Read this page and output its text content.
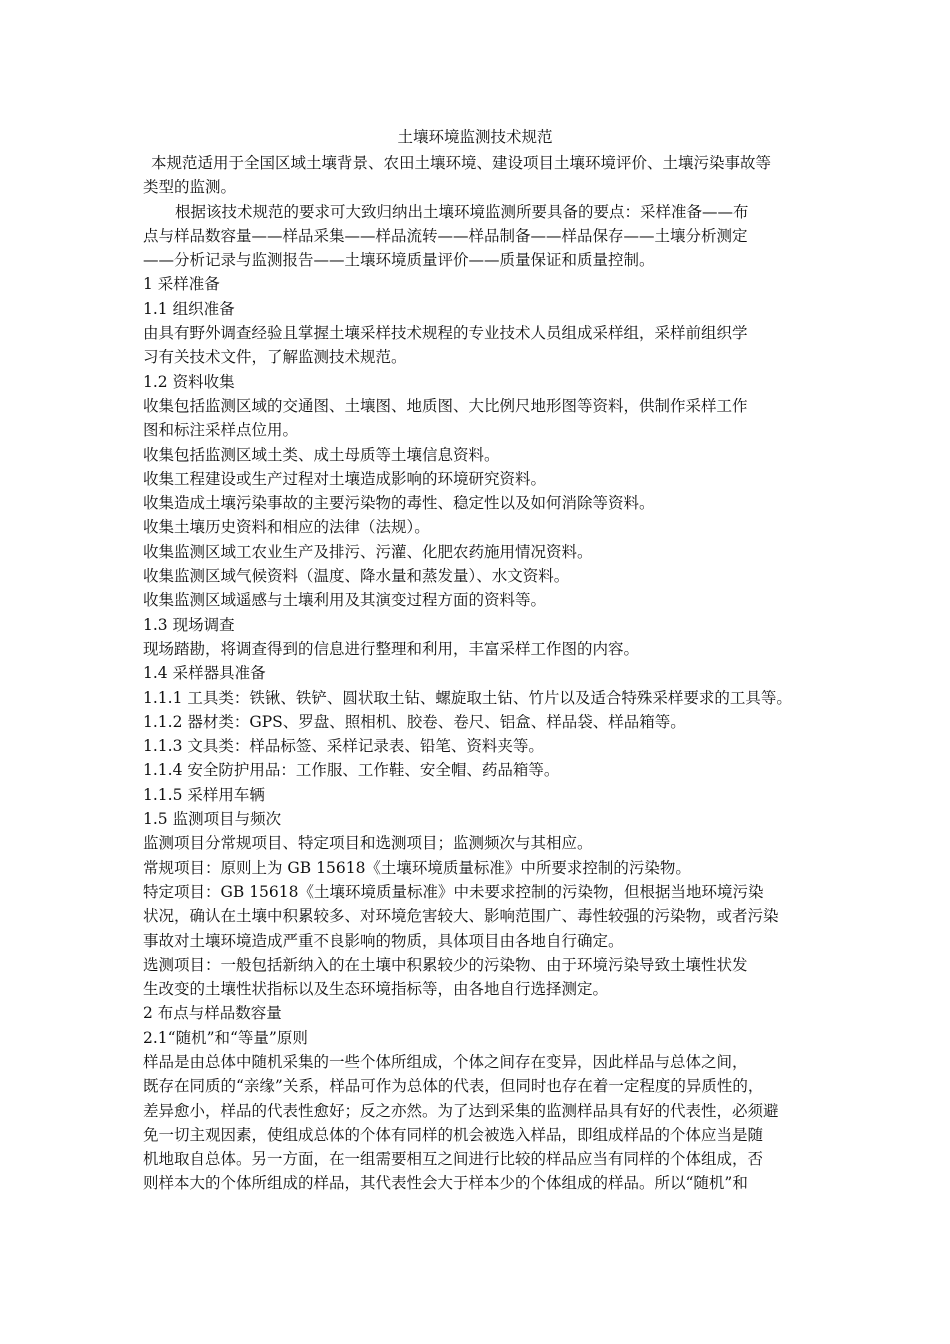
土壤环境监测技术规范
本规范适用于全国区域土壤背景、农田土壤环境、建设项目土壤环境评价、土壤污染事故等
类型的监测。
根据该技术规范的要求可大致归纳出土壤环境监测所要具备的要点：采样准备——布
点与样品数容量——样品采集——样品流转——样品制备——样品保存——土壤分析测定
——分析记录与监测报告——土壤环境质量评价——质量保证和质量控制。
1 采样准备
1.1 组织准备
由具有野外调查经验且掌握土壤采样技术规程的专业技术人员组成采样组，采样前组织学
习有关技术文件，了解监测技术规范。
1.2 资料收集
收集包括监测区域的交通图、土壤图、地质图、大比例尺地形图等资料，供制作采样工作
图和标注采样点位用。
收集包括监测区域土类、成土母质等土壤信息资料。
收集工程建设或生产过程对土壤造成影响的环境研究资料。
收集造成土壤污染事故的主要污染物的毒性、稳定性以及如何消除等资料。
收集土壤历史资料和相应的法律（法规）。
收集监测区域工农业生产及排污、污灌、化肥农药施用情况资料。
收集监测区域气候资料（温度、降水量和蒸发量）、水文资料。
收集监测区域遥感与土壤利用及其演变过程方面的资料等。
1.3 现场调查
现场踏勘，将调查得到的信息进行整理和利用，丰富采样工作图的内容。
1.4 采样器具准备
1.1.1 工具类：铁锹、铁铲、圆状取土钻、螺旋取土钻、竹片以及适合特殊采样要求的工具等。
1.1.2 器材类：GPS、罗盘、照相机、胶卷、卷尺、铝盒、样品袋、样品箱等。
1.1.3 文具类：样品标签、采样记录表、铅笔、资料夹等。
1.1.4 安全防护用品：工作服、工作鞋、安全帽、药品箱等。
1.1.5 采样用车辆
1.5 监测项目与频次
监测项目分常规项目、特定项目和选测项目；监测频次与其相应。
常规项目：原则上为 GB 15618《土壤环境质量标准》中所要求控制的污染物。
特定项目：GB 15618《土壤环境质量标准》中未要求控制的污染物，但根据当地环境污染
状况，确认在土壤中积累较多、对环境危害较大、影响范围广、毒性较强的污染物，或者污染
事故对土壤环境造成严重不良影响的物质，具体项目由各地自行确定。
选测项目：一般包括新纳入的在土壤中积累较少的污染物、由于环境污染导致土壤性状发
生改变的土壤性状指标以及生态环境指标等，由各地自行选择测定。
2 布点与样品数容量
2.1“随机”和“等量”原则
样品是由总体中随机采集的一些个体所组成，个体之间存在变异，因此样品与总体之间，
既存在同质的“亲缘”关系，样品可作为总体的代表，但同时也存在着一定程度的异质性的，
差异愈小，样品的代表性愈好；反之亦然。为了达到采集的监测样品具有好的代表性，必须避
免一切主观因素，使组成总体的个体有同样的机会被选入样品，即组成样品的个体应当是随
机地取自总体。另一方面，在一组需要相互之间进行比较的样品应当有同样的个体组成，否
则样本大的个体所组成的样品，其代表性会大于样本少的个体组成的样品。所以“随机”和
